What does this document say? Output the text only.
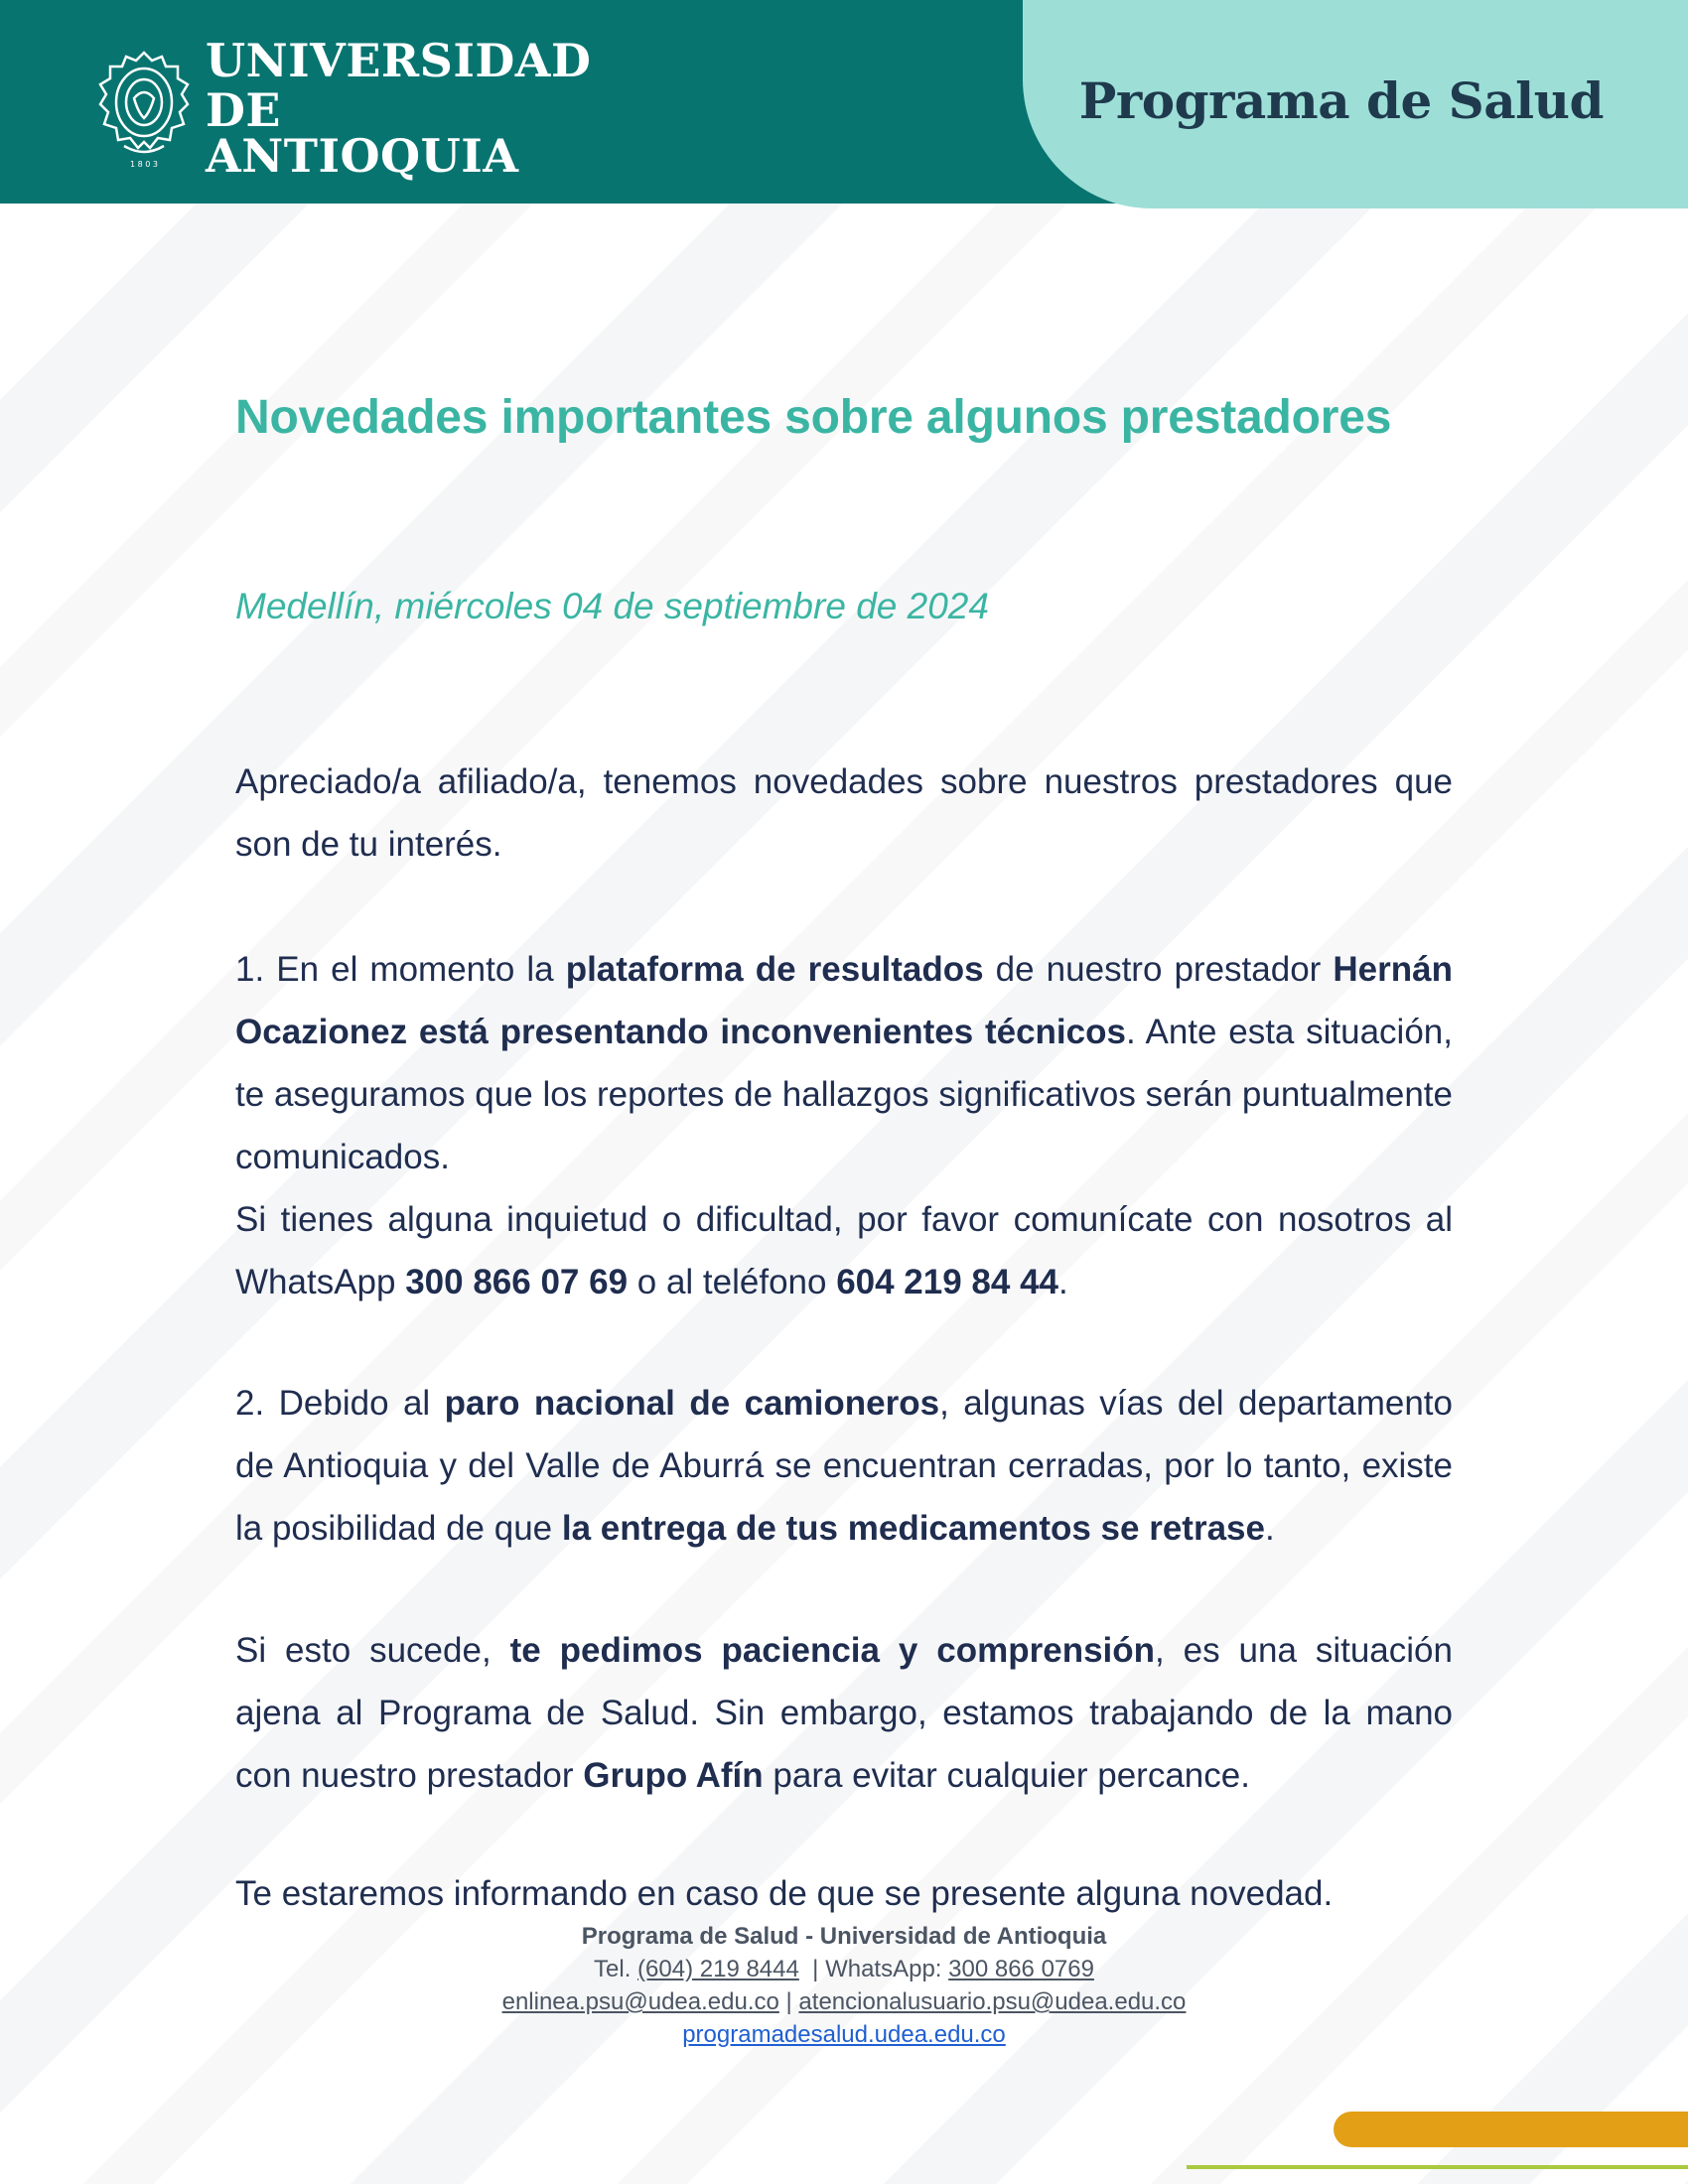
1 8 0 3
UNIVERSIDAD
DE ANTIOQUIA
Programa de Salud
Novedades importantes sobre algunos prestadores
Medellín, miércoles 04 de septiembre de 2024

Apreciado/a afiliado/a, tenemos novedades sobre nuestros prestadores que son de tu interés.

1. En el momento la plataforma de resultados de nuestro prestador Hernán Ocazionez está presentando inconvenientes técnicos. Ante esta situación, te aseguramos que los reportes de hallazgos significativos serán puntualmente comunicados.
Si tienes alguna inquietud o dificultad, por favor comunícate con nosotros al WhatsApp 300 866 07 69 o al teléfono 604 219 84 44.

2. Debido al paro nacional de camioneros, algunas vías del departamento de Antioquia y del Valle de Aburrá se encuentran cerradas, por lo tanto, existe la posibilidad de que la entrega de tus medicamentos se retrase.

Si esto sucede, te pedimos paciencia y comprensión, es una situación ajena al Programa de Salud. Sin embargo, estamos trabajando de la mano con nuestro prestador Grupo Afín para evitar cualquier percance.

Te estaremos informando en caso de que se presente alguna novedad.

Programa de Salud - Universidad de Antioquia
Tel. (604) 219 8444  | WhatsApp: 300 866 0769
enlinea.psu@udea.edu.co | atencionalusuario.psu@udea.edu.co
programadesalud.udea.edu.co
